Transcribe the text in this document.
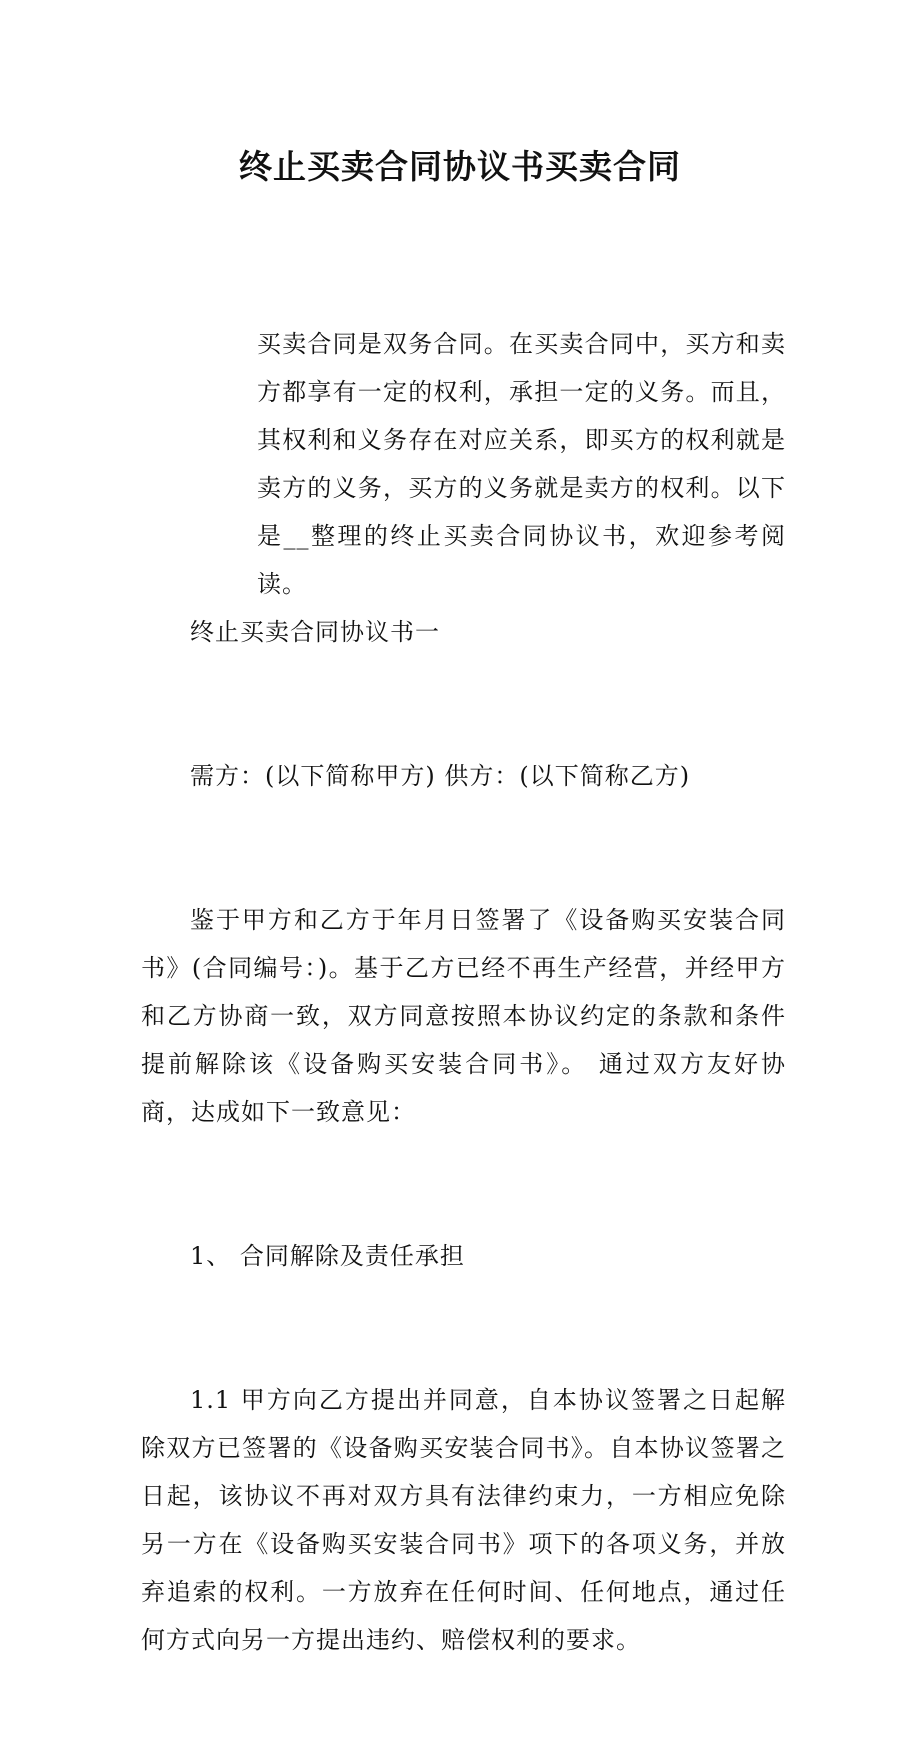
终止买卖合同协议书买卖合同

买卖合同是双务合同。在买卖合同中，买方和卖方都享有一定的权利，承担一定的义务。而且，其权利和义务存在对应关系，即买方的权利就是卖方的义务，买方的义务就是卖方的权利。以下是__整理的终止买卖合同协议书，欢迎参考阅读。

终止买卖合同协议书一

需方：(以下简称甲方) 供方：(以下简称乙方)

鉴于甲方和乙方于年月日签署了《设备购买安装合同书》(合同编号：)。基于乙方已经不再生产经营，并经甲方和乙方协商一致，双方同意按照本协议约定的条款和条件提前解除该《设备购买安装合同书》。 通过双方友好协商，达成如下一致意见：

1、 合同解除及责任承担

1.1 甲方向乙方提出并同意，自本协议签署之日起解除双方已签署的《设备购买安装合同书》。自本协议签署之日起，该协议不再对双方具有法律约束力，一方相应免除另一方在《设备购买安装合同书》项下的各项义务，并放弃追索的权利。一方放弃在任何时间、任何地点，通过任何方式向另一方提出违约、赔偿权利的要求。
